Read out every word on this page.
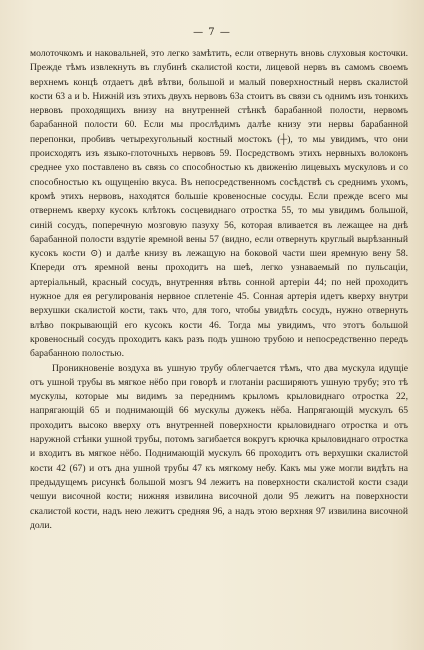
— 7 —

молоточкомъ и наковальней, это легко замѣтить, если отвернуть вновь слуховыя косточки. Прежде тѣмъ извлекнуть въ глубинѣ скалистой кости, лицевой нервъ въ самомъ своемъ верхнемъ концѣ отдаетъ двѣ вѣтви, большой и малый поверхностный нервъ скалистой кости 63 а и b. Нижній изъ этихъ двухъ нервовъ 63а стоитъ въ связи съ однимъ изъ тонкихъ нервовъ проходящихъ внизу на внутренней стѣнкѣ барабанной полости, нервомъ барабанной полости 60. Если мы прослѣдимъ далѣе книзу эти нервы барабанной перепонки, пробивъ четырехугольный костный мостокъ (┼), то мы увидимъ, что они происходятъ изъ языко-глоточныхъ нервовъ 59. Посредствомъ этихъ нервныхъ волоконъ среднее ухо поставлено въ связь со способностью къ движенію лицевыхъ мускуловъ и со способностью къ ощущенію вкуса. Въ непосредственномъ сосѣдствѣ съ среднимъ ухомъ, кромѣ этихъ нервовъ, находятся большіе кровеносные сосуды. Если прежде всего мы отвернемъ кверху кусокъ клѣтокъ сосцевиднаго отростка 55, то мы увидимъ большой, синій сосудъ, поперечную мозговую пазуху 56, которая вливается въ лежащее на днѣ барабанной полости вздутіе яремной вены 57 (видно, если отвернуть круглый вырѣзанный кусокъ кости ⊙) и далѣе книзу въ лежащую на боковой части шеи яремную вену 58. Кпереди отъ яремной вены проходитъ на шеѣ, легко узнаваемый по пульсаціи, артеріальный, красный сосудъ, внутренняя вѣтвь сонной артеріи 44; по ней проходитъ нужное для ея регулированія нервное сплетеніе 45. Сонная артерія идетъ кверху внутри верхушки скалистой кости, такъ что, для того, чтобы увидѣть сосудъ, нужно отвернуть влѣво покрывающій его кусокъ кости 46. Тогда мы увидимъ, что этотъ большой кровеносный сосудъ проходитъ какъ разъ подъ ушною трубою и непосредственно передъ барабанною полостью.

Проникновеніе воздуха въ ушную трубу облегчается тѣмъ, что два мускула идущіе отъ ушной трубы въ мягкое нёбо при говорѣ и глотаніи расширяютъ ушную трубу; это тѣ мускулы, которые мы видимъ за переднимъ крыломъ крыловиднаго отростка 22, напрягающій 65 и поднимающій 66 мускулы дужекъ нёба. Напрягающій мускулъ 65 проходитъ высоко вверху отъ внутренней поверхности крыловиднаго отростка и отъ наружной стѣнки ушной трубы, потомъ загибается вокругъ крючка крыловиднаго отростка и входитъ въ мягкое нёбо. Поднимающій мускулъ 66 проходитъ отъ верхушки скалистой кости 42 (67) и отъ дна ушной трубы 47 къ мягкому небу. Какъ мы уже могли видѣть на предыдущемъ рисункѣ большой мозгъ 94 лежитъ на поверхности скалистой кости сзади чешуи височной кости; нижняя извилина височной доли 95 лежитъ на поверхности скалистой кости, надъ нею лежитъ средняя 96, а надъ этою верхняя 97 извилина височной доли.
